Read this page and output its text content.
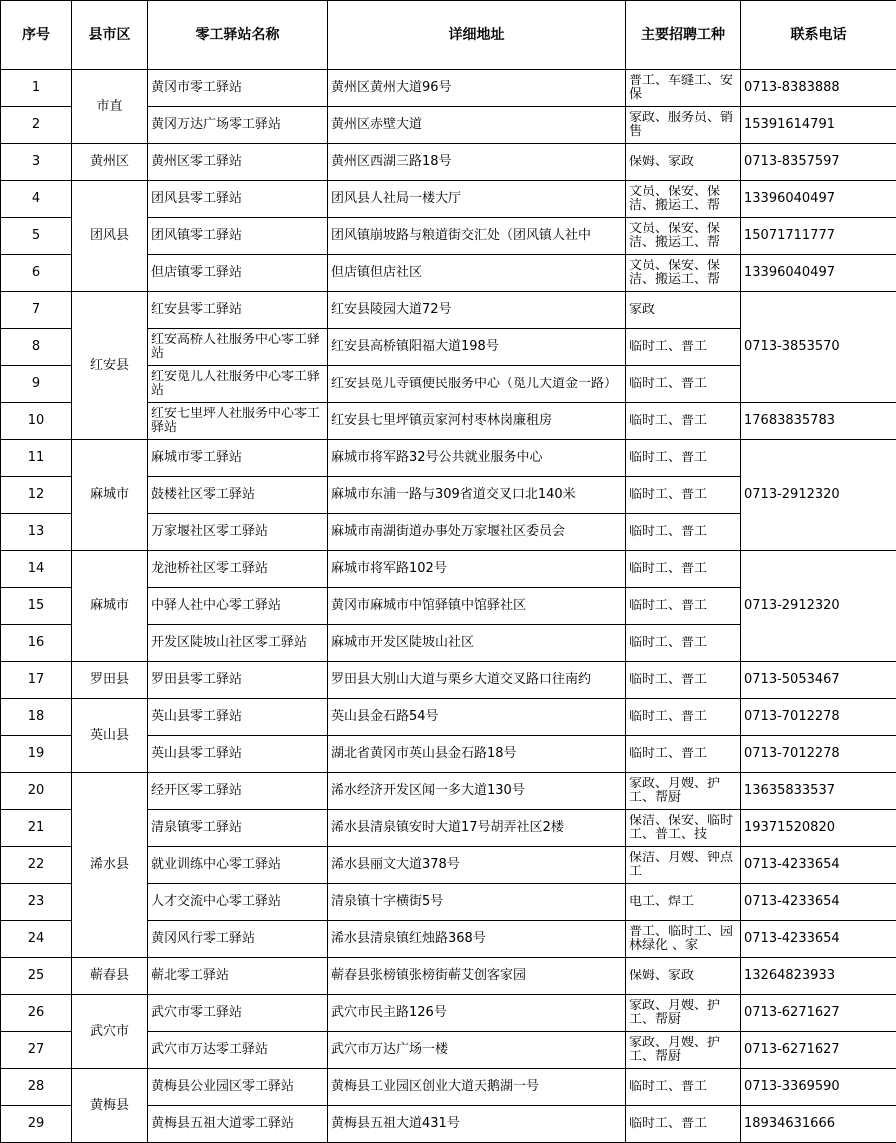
序号	县市区	零工驿站名称	详细地址	主要招聘工种	联系电话
1	市直	黄冈市零工驿站	黄州区黄州大道96号	普工、车缝工、安保	0713-8383888
2		黄冈万达广场零工驿站	黄州区赤壁大道	家政、服务员、销售	15391614791
3	黄州区	黄州区零工驿站	黄州区西湖三路18号	保姆、家政	0713-8357597
4	团风县	团风县零工驿站	团风县人社局一楼大厅	文员、保安、保洁、搬运工、帮	13396040497
5		团风镇零工驿站	团风镇崩坡路与粮道街交汇处（团风镇人社中	文员、保安、保洁、搬运工、帮	15071711777
6		但店镇零工驿站	但店镇但店社区	文员、保安、保洁、搬运工、帮	13396040497
7	红安县	红安县零工驿站	红安县陵园大道72号	家政	0713-3853570
8		红安高桥人社服务中心零工驿站	红安县高桥镇阳福大道198号	临时工、普工	

9		红安觅儿人社服务中心零工驿站	红安县觅儿寺镇便民服务中心（觅儿大道金一路）	临时工、普工	

10		红安七里坪人社服务中心零工驿站	红安县七里坪镇贡家河村枣林岗廉租房	临时工、普工	17683835783
11	麻城市	麻城市零工驿站	麻城市将军路32号公共就业服务中心	临时工、普工	0713-2912320
12		鼓楼社区零工驿站	麻城市东浦一路与309省道交叉口北140米	临时工、普工	

13		万家堰社区零工驿站	麻城市南湖街道办事处万家堰社区委员会	临时工、普工	

14	麻城市	龙池桥社区零工驿站	麻城市将军路102号	临时工、普工	0713-2912320
15		中驿人社中心零工驿站	黄冈市麻城市中馆驿镇中馆驿社区	临时工、普工	

16		开发区陡坡山社区零工驿站	麻城市开发区陡坡山社区	临时工、普工	

17	罗田县	罗田县零工驿站	罗田县大别山大道与栗乡大道交叉路口往南约	临时工、普工	0713-5053467
18	英山县	英山县零工驿站	英山县金石路54号	临时工、普工	0713-7012278
19		英山县零工驿站	湖北省黄冈市英山县金石路18号	临时工、普工	0713-7012278
20	浠水县	经开区零工驿站	浠水经济开发区闻一多大道130号	家政、月嫂、护工、帮厨	13635833537
21		清泉镇零工驿站	浠水县清泉镇安时大道17号胡弄社区2楼	保洁、保安、临时工、普工、技	19371520820
22		就业训练中心零工驿站	浠水县丽文大道378号	保洁、月嫂、钟点工	0713-4233654
23		人才交流中心零工驿站	清泉镇十字横街5号	电工、焊工	0713-4233654
24		黄冈风行零工驿站	浠水县清泉镇红烛路368号	普工、临时工、园林绿化 、家	0713-4233654
25	蕲春县	蕲北零工驿站	蕲春县张榜镇张榜街蕲艾创客家园	保姆、家政	13264823933
26	武穴市	武穴市零工驿站	武穴市民主路126号	家政、月嫂、护工、帮厨	0713-6271627
27		武穴市万达零工驿站	武穴市万达广场一楼	家政、月嫂、护工、帮厨	0713-6271627
28	黄梅县	黄梅县公业园区零工驿站	黄梅县工业园区创业大道天鹅湖一号	临时工、普工	0713-3369590
29		黄梅县五祖大道零工驿站	黄梅县五祖大道431号	临时工、普工	18934631666
